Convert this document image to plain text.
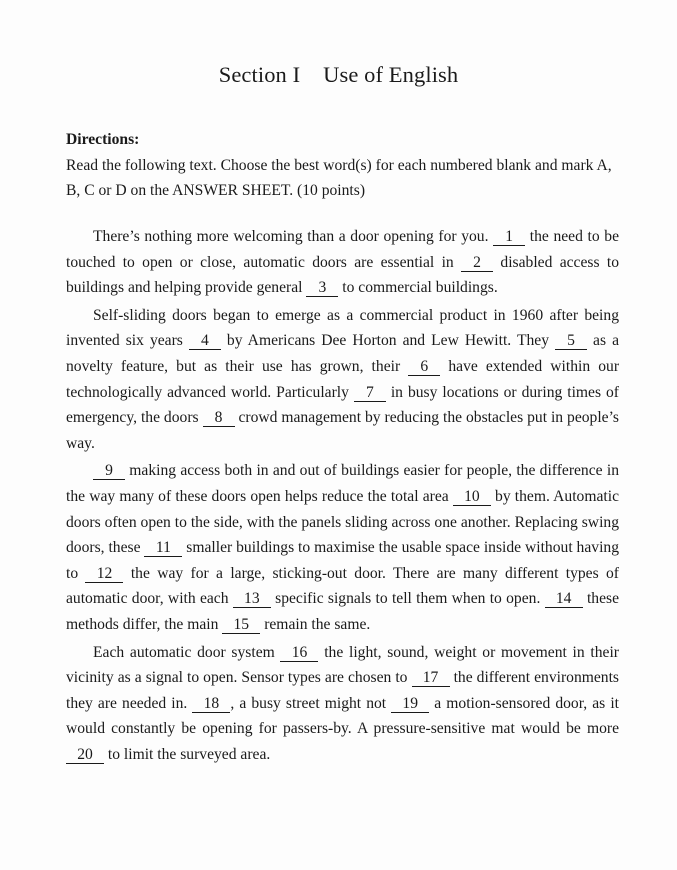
Section I    Use of English
Directions:
Read the following text. Choose the best word(s) for each numbered blank and mark A, B, C or D on the ANSWER SHEET. (10 points)

There’s nothing more welcoming than a door opening for you. 1 the need to be touched to open or close, automatic doors are essential in 2 disabled access to buildings and helping provide general 3 to commercial buildings.

Self-sliding doors began to emerge as a commercial product in 1960 after being invented six years 4 by Americans Dee Horton and Lew Hewitt. They 5 as a novelty feature, but as their use has grown, their 6 have extended within our technologically advanced world. Particularly 7 in busy locations or during times of emergency, the doors 8 crowd management by reducing the obstacles put in people’s way.

9 making access both in and out of buildings easier for people, the difference in the way many of these doors open helps reduce the total area 10 by them. Automatic doors often open to the side, with the panels sliding across one another. Replacing swing doors, these 11 smaller buildings to maximise the usable space inside without having to 12 the way for a large, sticking-out door. There are many different types of automatic door, with each 13 specific signals to tell them when to open. 14 these methods differ, the main 15 remain the same.

Each automatic door system 16 the light, sound, weight or movement in their vicinity as a signal to open. Sensor types are chosen to 17 the different environments they are needed in. 18 , a busy street might not 19 a motion-sensored door, as it would constantly be opening for passers-by. A pressure-sensitive mat would be more 20 to limit the surveyed area.
